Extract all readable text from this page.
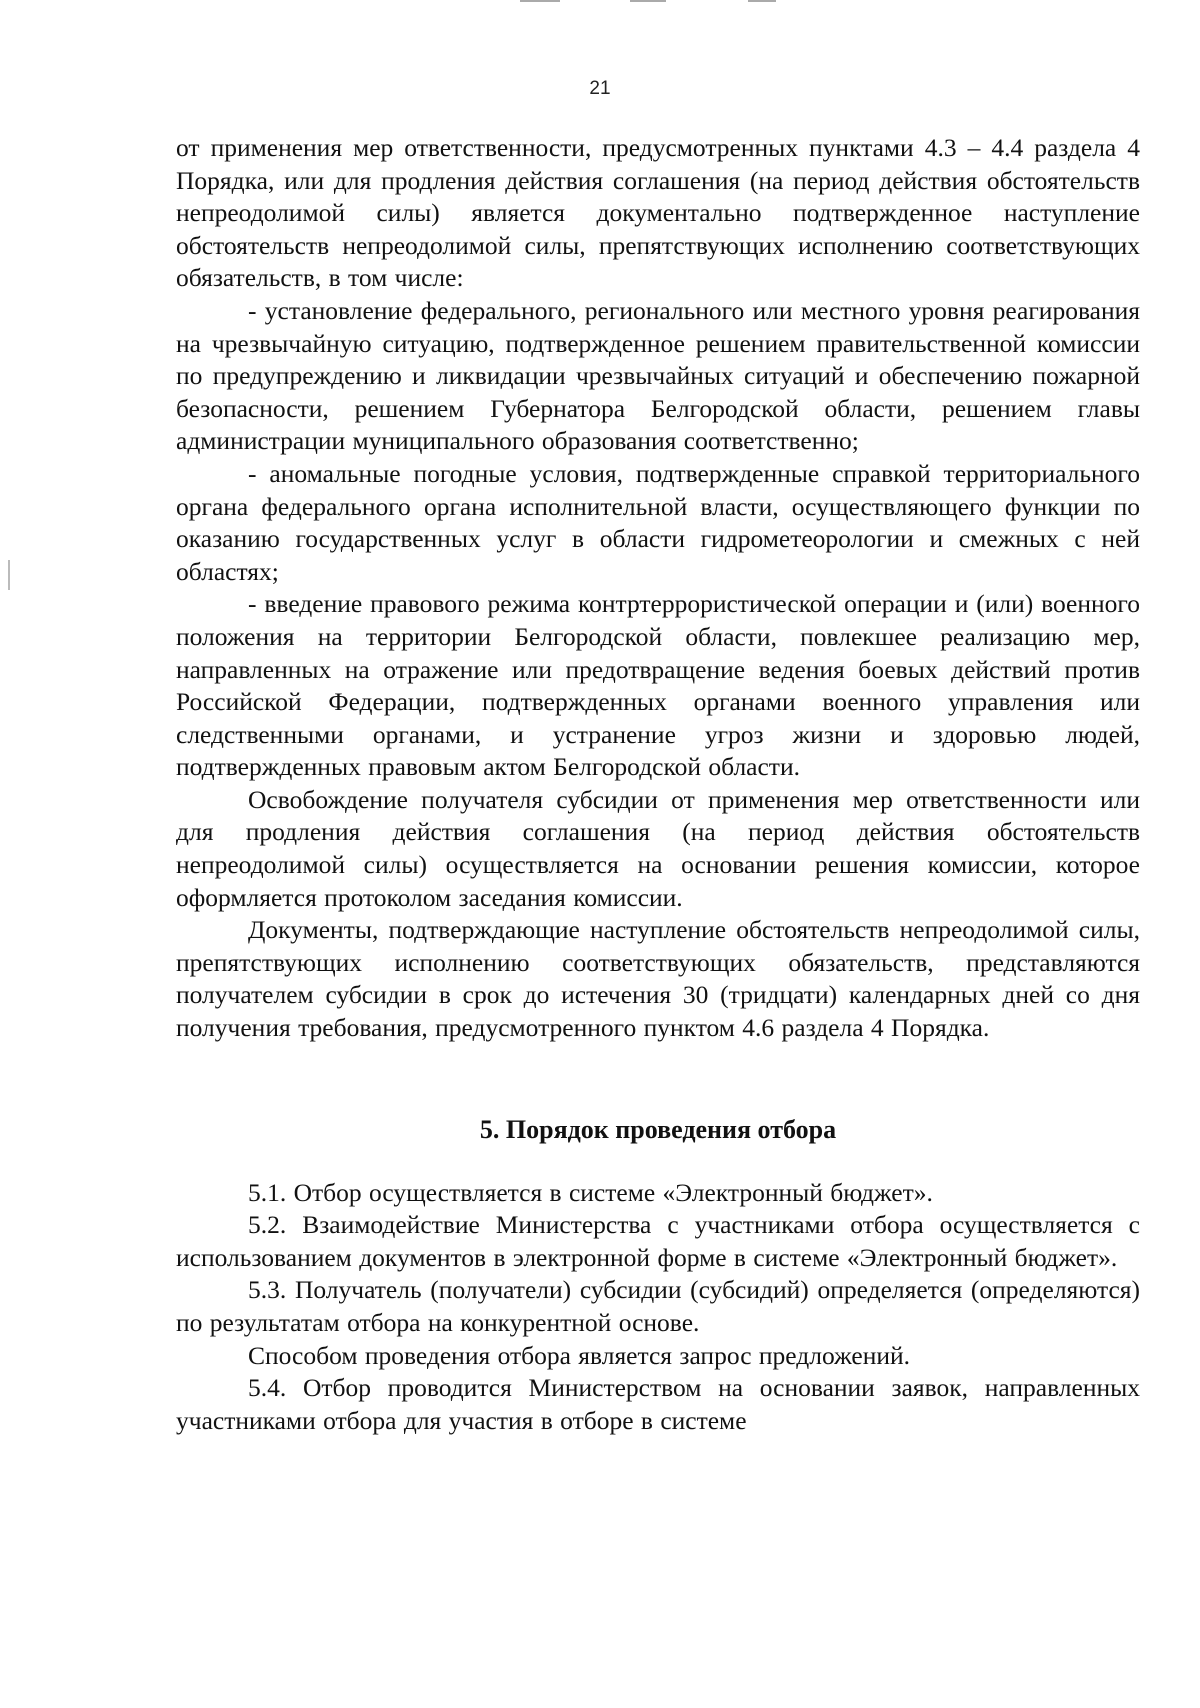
21

от применения мер ответственности, предусмотренных пунктами 4.3 – 4.4 раздела 4 Порядка, или для продления действия соглашения (на период действия обстоятельств непреодолимой силы) является документально подтвержденное наступление обстоятельств непреодолимой силы, препятствующих исполнению соответствующих обязательств, в том числе:

- установление федерального, регионального или местного уровня реагирования на чрезвычайную ситуацию, подтвержденное решением правительственной комиссии по предупреждению и ликвидации чрезвычайных ситуаций и обеспечению пожарной безопасности, решением Губернатора Белгородской области, решением главы администрации муниципального образования соответственно;

- аномальные погодные условия, подтвержденные справкой территориального органа федерального органа исполнительной власти, осуществляющего функции по оказанию государственных услуг в области гидрометеорологии и смежных с ней областях;

- введение правового режима контртеррористической операции и (или) военного положения на территории Белгородской области, повлекшее реализацию мер, направленных на отражение или предотвращение ведения боевых действий против Российской Федерации, подтвержденных органами военного управления или следственными органами, и устранение угроз жизни и здоровью людей, подтвержденных правовым актом Белгородской области.

Освобождение получателя субсидии от применения мер ответственности или для продления действия соглашения (на период действия обстоятельств непреодолимой силы) осуществляется на основании решения комиссии, которое оформляется протоколом заседания комиссии.

Документы, подтверждающие наступление обстоятельств непреодолимой силы, препятствующих исполнению соответствующих обязательств, представляются получателем субсидии в срок до истечения 30 (тридцати) календарных дней со дня получения требования, предусмотренного пунктом 4.6 раздела 4 Порядка.

5. Порядок проведения отбора

5.1. Отбор осуществляется в системе «Электронный бюджет».

5.2. Взаимодействие Министерства с участниками отбора осуществляется с использованием документов в электронной форме в системе «Электронный бюджет».

5.3. Получатель (получатели) субсидии (субсидий) определяется (определяются) по результатам отбора на конкурентной основе.

Способом проведения отбора является запрос предложений.

5.4. Отбор проводится Министерством на основании заявок, направленных участниками отбора для участия в отборе в системе
